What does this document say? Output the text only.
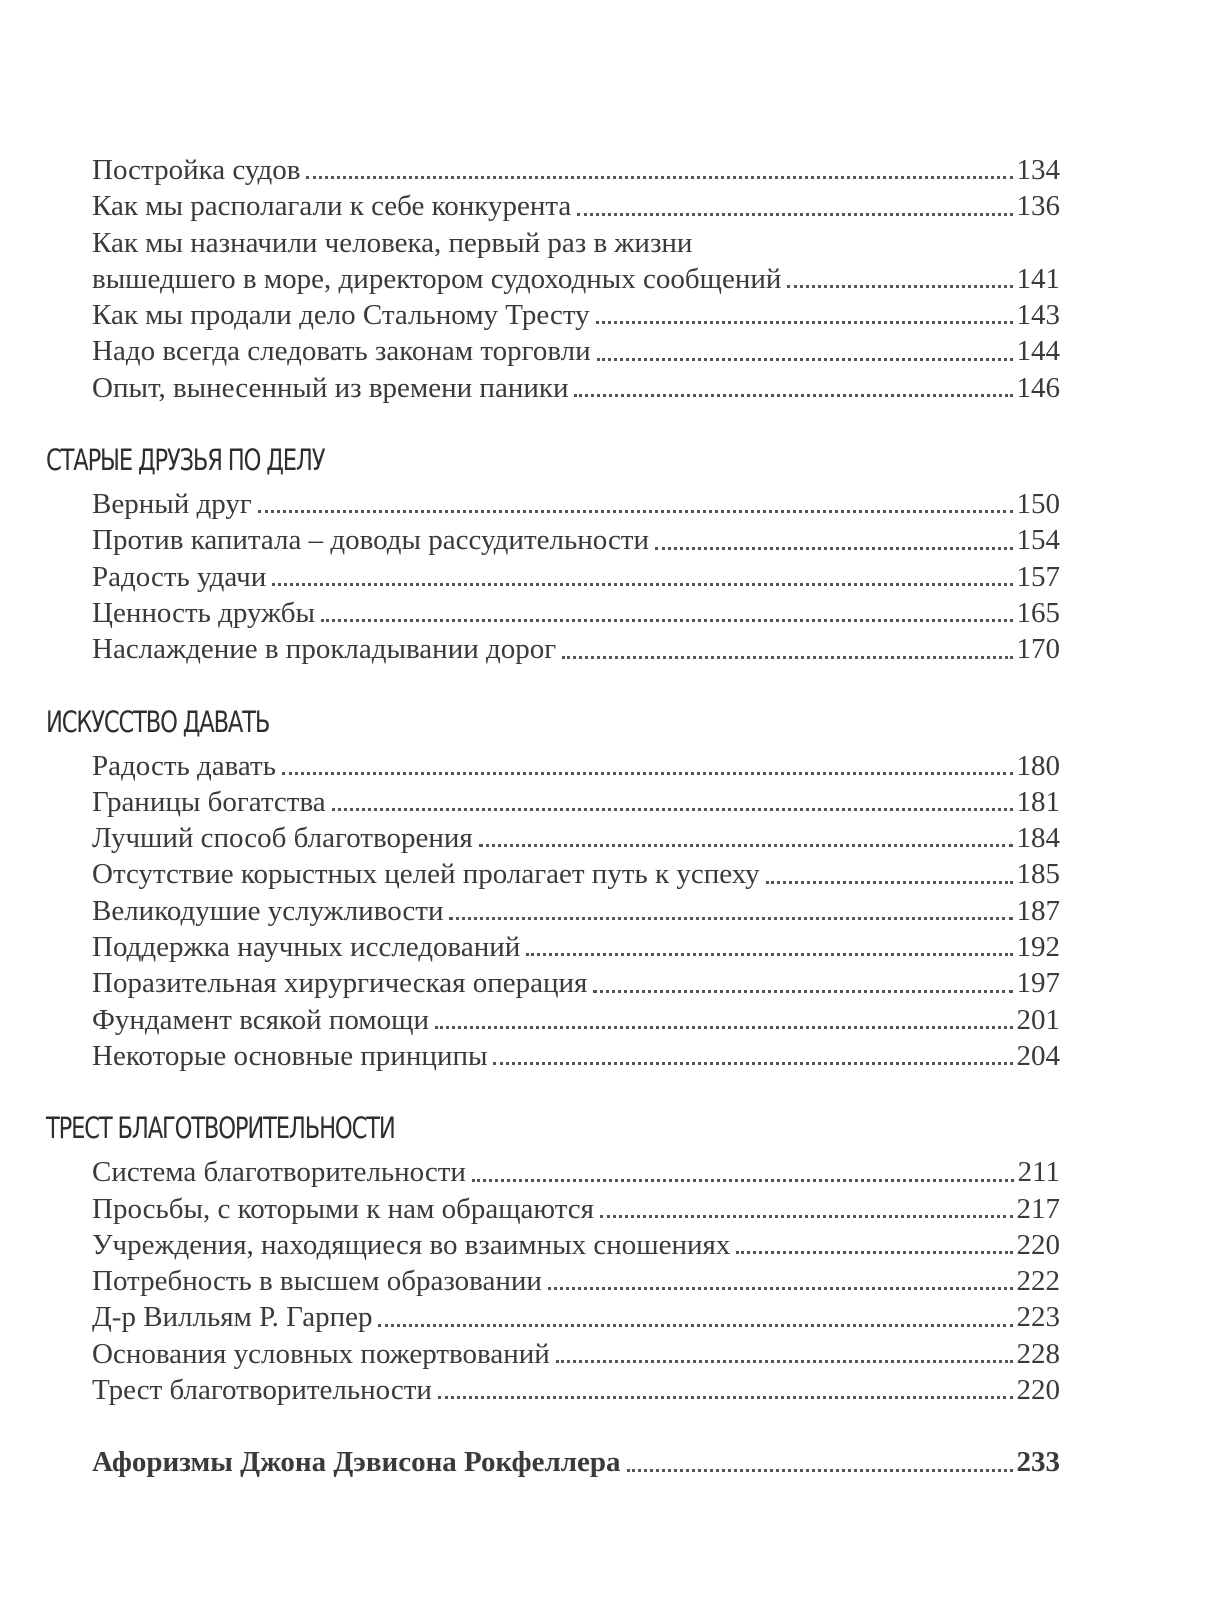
Постройка судов	134
Как мы располагали к себе конкурента	136
Как мы назначили человека, первый раз в жизни
вышедшего в море, директором судоходных сообщений	141
Как мы продали дело Стальному Тресту	143
Надо всегда следовать законам торговли	144
Опыт, вынесенный из времени паники	146
СТАРЫЕ ДРУЗЬЯ ПО ДЕЛУ
Верный друг	150
Против капитала – доводы рассудительности	154
Радость удачи	157
Ценность дружбы	165
Наслаждение в прокладывании дорог	170
ИСКУССТВО ДАВАТЬ
Радость давать	180
Границы богатства	181
Лучший способ благотворения	184
Отсутствие корыстных целей пролагает путь к успеху	185
Великодушие услужливости	187
Поддержка научных исследований	192
Поразительная хирургическая операция	197
Фундамент всякой помощи	201
Некоторые основные принципы	204
ТРЕСТ БЛАГОТВОРИТЕЛЬНОСТИ
Система благотворительности	211
Просьбы, с которыми к нам обращаются	217
Учреждения, находящиеся во взаимных сношениях	220
Потребность в высшем образовании	222
Д-р Вилльям Р. Гарпер	223
Основания условных пожертвований	228
Трест благотворительности	220
Афоризмы Джона Дэвисона Рокфеллера	233
